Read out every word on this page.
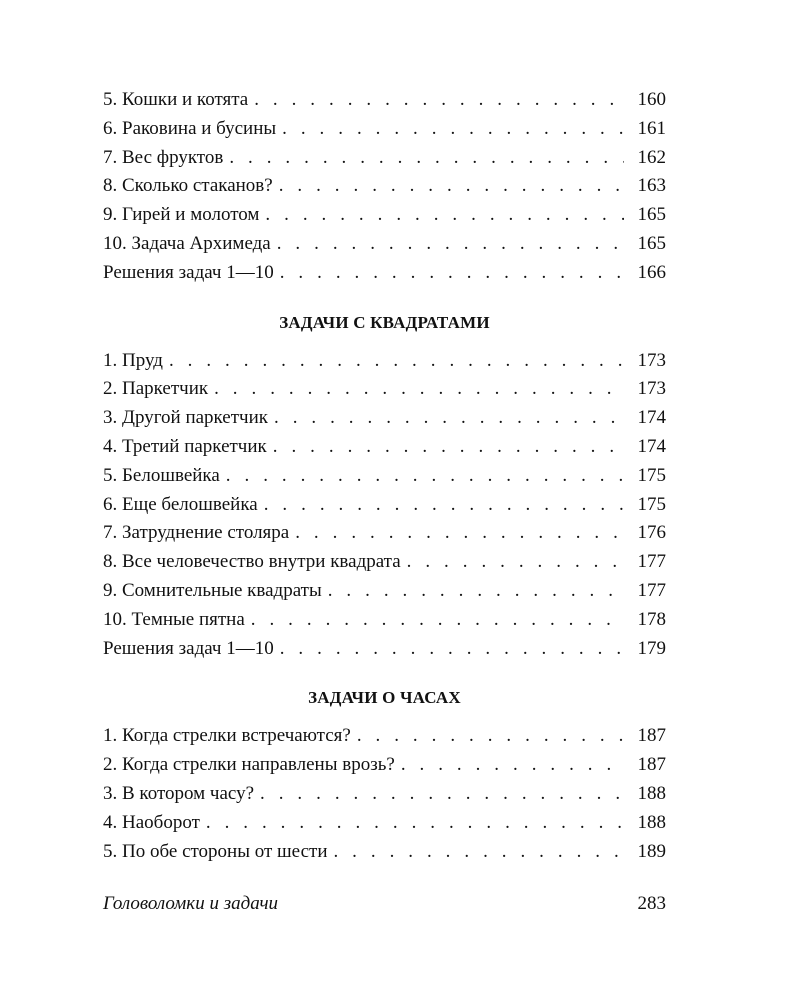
5. Кошки и котята . . .	160
6. Раковина и бусины . . .	161
7. Вес фруктов . . .	162
8. Сколько стаканов? . . .	163
9. Гирей и молотом . . .	165
10. Задача Архимеда . . .	165
Решения задач 1—10 . . .	166
ЗАДАЧИ С КВАДРАТАМИ
1. Пруд . . .	173
2. Паркетчик . . .	173
3. Другой паркетчик . . .	174
4. Третий паркетчик . . .	174
5. Белошвейка . . .	175
6. Еще белошвейка . . .	175
7. Затруднение столяра . . .	176
8. Все человечество внутри квадрата . . .	177
9. Сомнительные квадраты . . .	177
10. Темные пятна . . .	178
Решения задач 1—10 . . .	179
ЗАДАЧИ О ЧАСАХ
1. Когда стрелки встречаются? . . .	187
2. Когда стрелки направлены врозь? . . .	187
3. В котором часу? . . .	188
4. Наоборот . . .	188
5. По обе стороны от шести . . .	189
Головоломки и задачи	283
